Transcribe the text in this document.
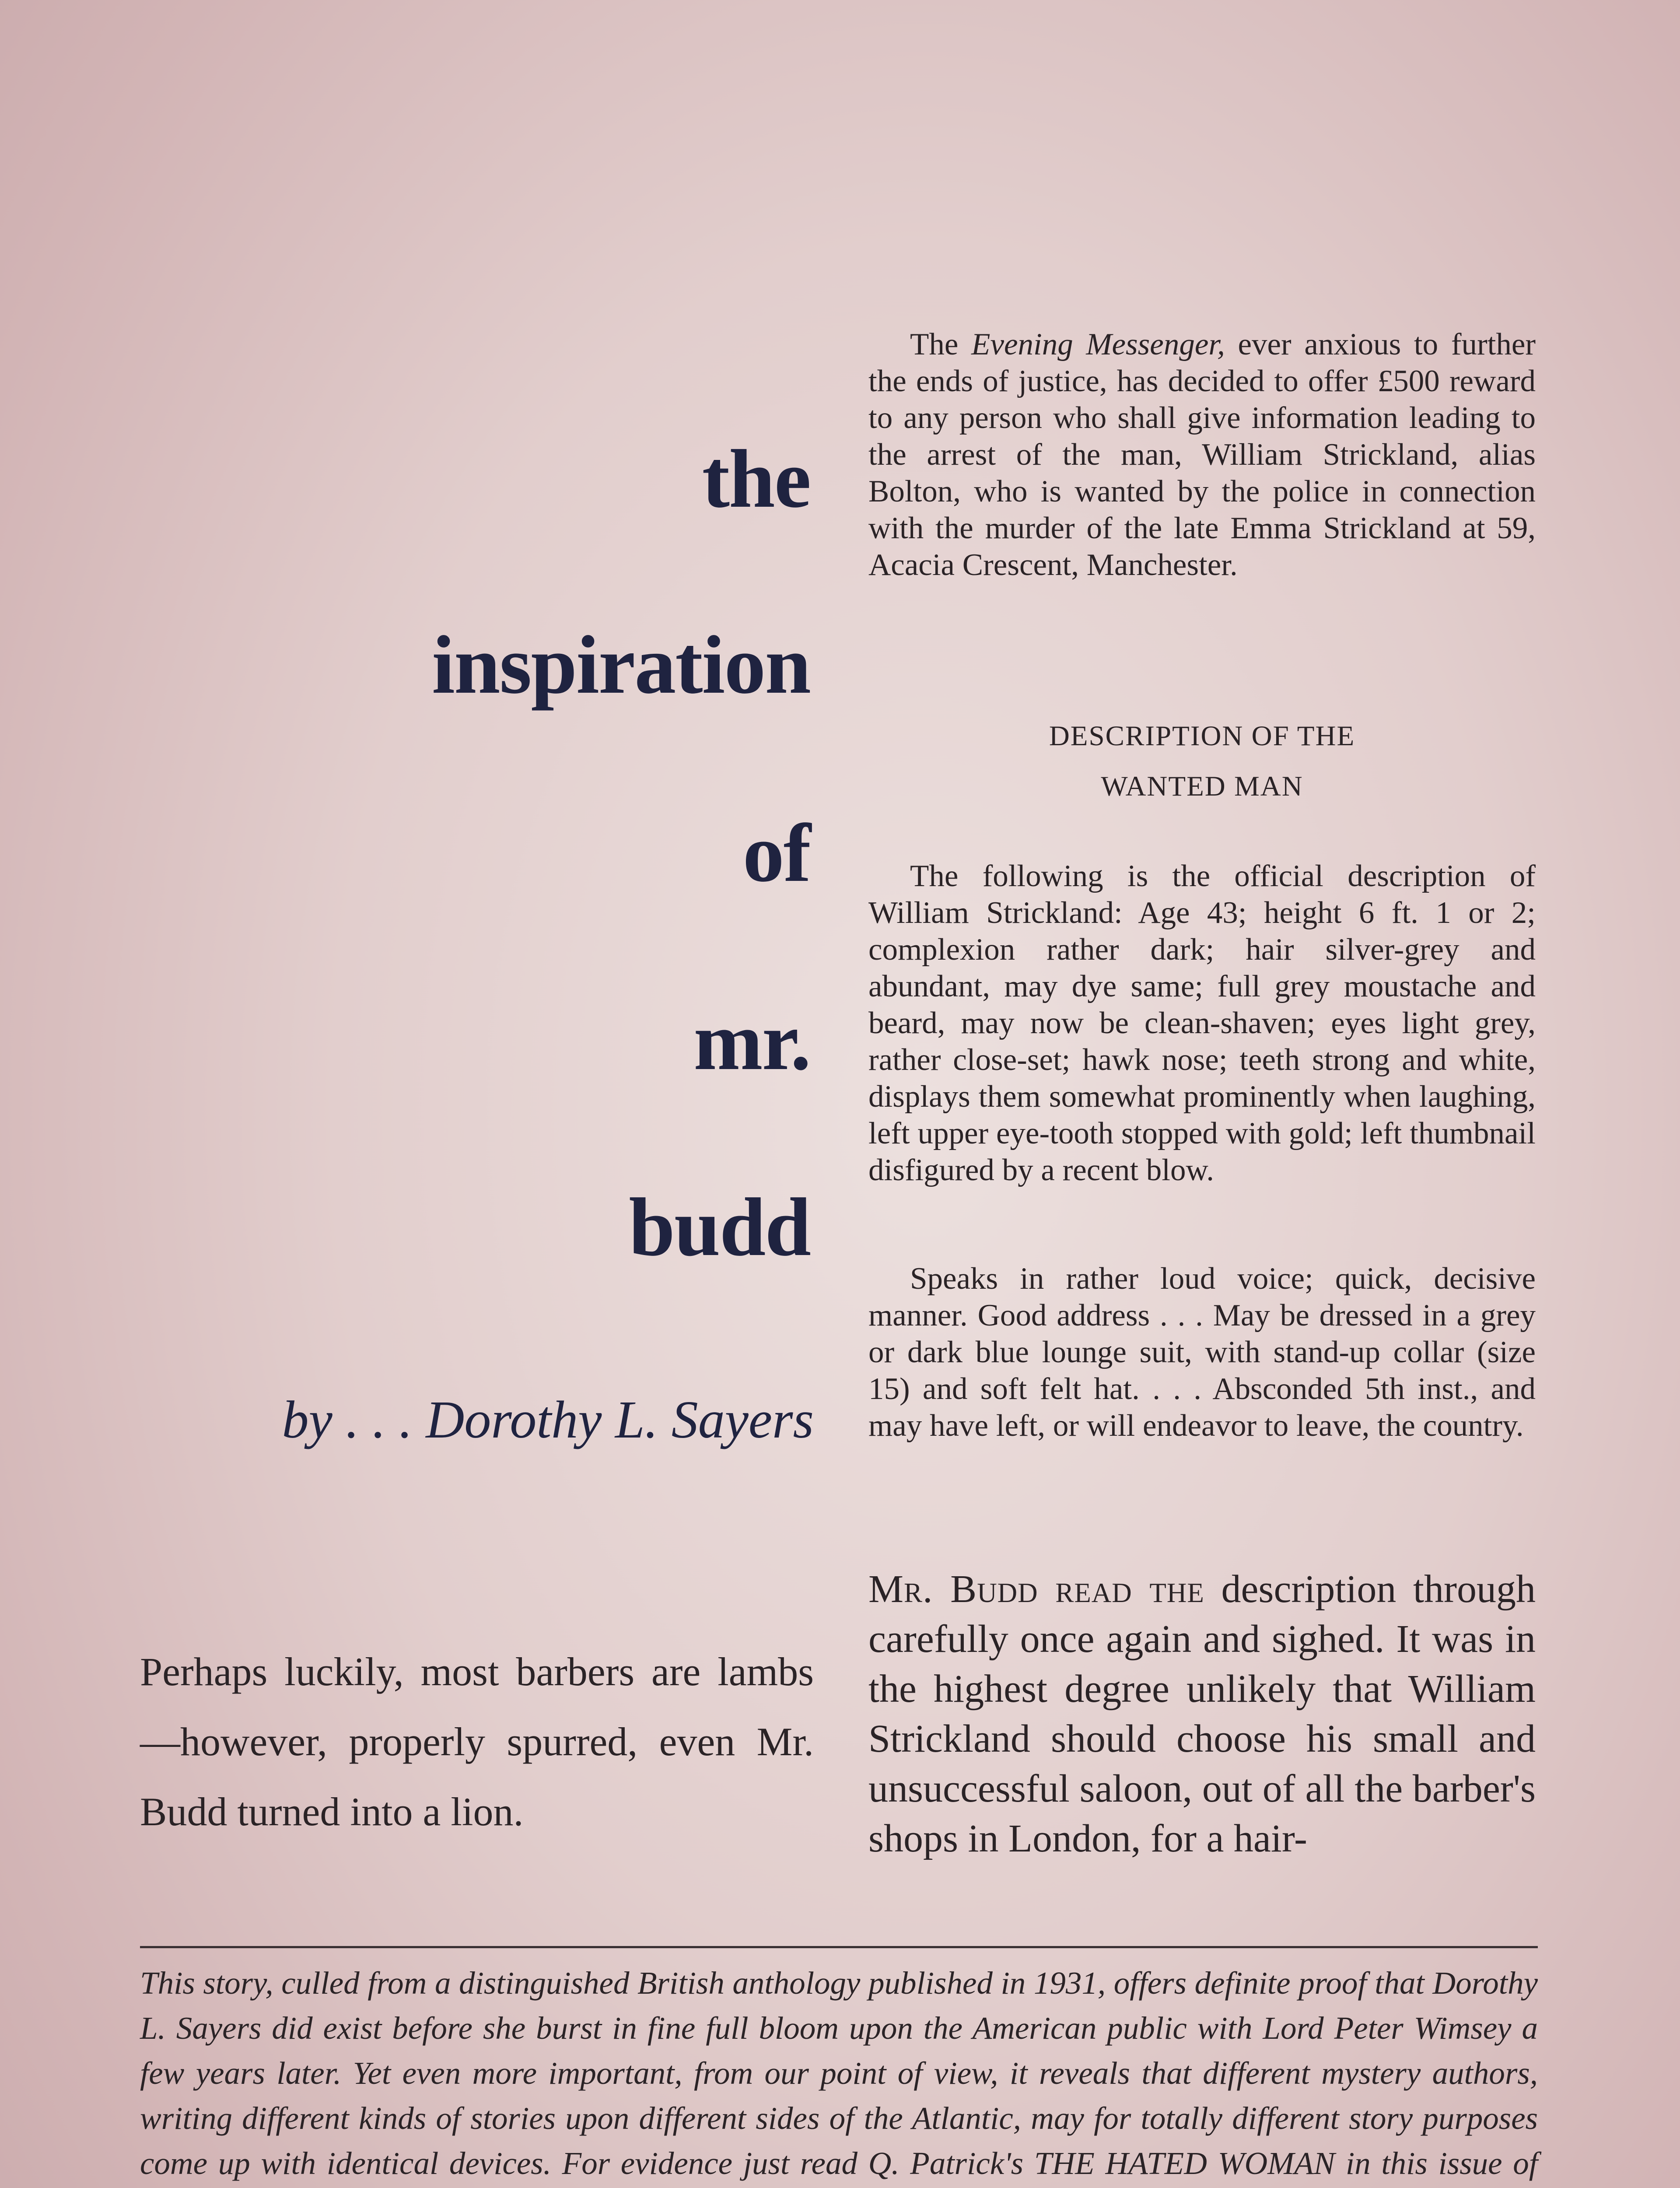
the
inspiration
of
mr.
budd

by . . . Dorothy L. Sayers

Perhaps luckily, most barbers are lambs—however, properly spurred, even Mr. Budd turned into a lion.

The Evening Messenger, ever anxious to further the ends of justice, has decided to offer £500 reward to any person who shall give information leading to the arrest of the man, William Strickland, alias Bolton, who is wanted by the police in connection with the murder of the late Emma Strickland at 59, Acacia Crescent, Manchester.

DESCRIPTION OF THE
WANTED MAN

The following is the official description of William Strickland: Age 43; height 6 ft. 1 or 2; complexion rather dark; hair silver-grey and abundant, may dye same; full grey moustache and beard, may now be clean-shaven; eyes light grey, rather close-set; hawk nose; teeth strong and white, displays them somewhat prominently when laughing, left upper eye-tooth stopped with gold; left thumbnail disfigured by a recent blow.

Speaks in rather loud voice; quick, decisive manner. Good address . . . May be dressed in a grey or dark blue lounge suit, with stand-up collar (size 15) and soft felt hat. . . . Absconded 5th inst., and may have left, or will endeavor to leave, the country.

Mr. Budd read the description through carefully once again and sighed. It was in the highest degree unlikely that William Strickland should choose his small and unsuccessful saloon, out of all the barber's shops in London, for a hair-

This story, culled from a distinguished British anthology published in 1931, offers definite proof that Dorothy L. Sayers did exist before she burst in fine full bloom upon the American public with Lord Peter Wimsey a few years later. Yet even more important, from our point of view, it reveals that different mystery authors, writing different kinds of stories upon different sides of the Atlantic, may for totally different story purposes come up with identical devices. For evidence just read Q. Patrick's THE HATED WOMAN in this issue of
